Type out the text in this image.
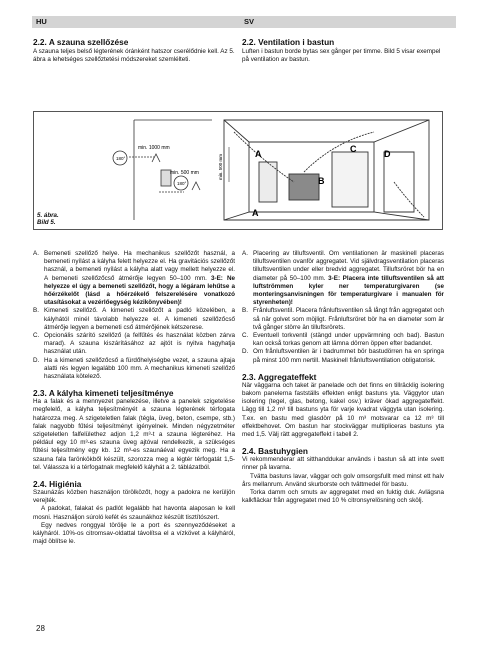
HU	SV
2.2. A szauna szellőzése

A szauna teljes belső légterének óránként hatszor cserélődnie kell. Az 5. ábra a lehetséges szellőztetési módszereket szemlélteti.

2.2. Ventilation i bastun

Luften i bastun borde bytas sex gånger per timme. Bild 5 visar exempel på ventilation av bastun.

180°
180°
min. 1000 mm
min. 500 mm	min. 500 mm	A
A
B
C	D
5. ábra.
Bild 5.
A. Bemeneti szellőző helye. Ha mechanikus szellőzőt használ, a bemeneti nyílást a kályha felett helyezze el. Ha gravitációs szellőzőt használ, a bemeneti nyílást a kályha alatt vagy mellett helyezze el. A bemeneti szellőzőcső átmérője legyen 50–100 mm. 3-E: Ne helyezze el úgy a bemeneti szellőzőt, hogy a légáram lehűtse a hőérzékelőt (lásd a hőérzékelő felszerelésére vonatkozó utasításokat a vezérlőegység kézikönyvében)!
B. Kimeneti szellőző. A kimeneti szellőzőt a padló közelében, a kályhától minél távolabb helyezze el. A kimeneti szellőzőcső átmérője legyen a bemeneti cső átmérőjének kétszerese.
C. Opcionális szárító szellőző (a felfűtés és használat közben zárva marad). A szauna kiszárításához az ajtót is nyitva hagyhatja használat után.
D. Ha a kimeneti szellőzőcső a fürdőhelyiségbe vezet, a szauna ajtaja alatti rés legyen legalább 100 mm. A mechanikus kimeneti szellőző használata kötelező.
2.3. A kályha kimeneti teljesítménye

Ha a falak és a mennyezet panelezése, illetve a panelek szigetelése megfelelő, a kályha teljesítményét a szauna légterének térfogata határozza meg. A szigeteletlen falak (tégla, üveg, beton, csempe, stb.) falak nagyobb fűtési teljesítményt igényelnek. Minden négyzetméter szigeteletlen falfelülethez adjon 1,2 m³-t a szauna légteréhez. Ha például egy 10 m³-es szauna üveg ajtóval rendelkezik, a szükséges fűtési teljesítmény egy kb. 12 m³-es szaunáéval egyezik meg. Ha a szauna fala farönkökből készült, szorozza meg a légtér térfogatát 1,5-tel. Válassza ki a térfogatnak megfelelő kályhát a 2. táblázatból.

2.4. Higiénia

Szaunázás közben használjon törölközőt, hogy a padokra ne kerüljön verejték.

A padokat, falakat és padlót legalább hat havonta alaposan le kell mosni. Használjon súroló kefét és szaunákhoz készült tisztítószert.

Egy nedves ronggyal törölje le a port és szennyeződéseket a kályháról. 10%-os citromsav-oldattal távolítsa el a vízkövet a kályháról, majd öblítse le.

A. Placering av tilluftsventil. Om ventilationen är maskinell placeras tilluftsventilen ovanför aggregatet. Vid självdragsventilation placeras tilluftsventilen under eller bredvid aggregatet. Tilluftsröret bör ha en diameter på 50–100 mm. 3-E: Placera inte tilluftsventilen så att luftströmmen kyler ner temperaturgivaren (se monteringsanvisningen för temperaturgivare i manualen för styrenheten)!
B. Frånluftsventil. Placera frånluftsventilen så långt från aggregatet och så när golvet som möjligt. Frånluftsröret bör ha en diameter som är två gånger större än tilluftsrörets.
C. Eventuell torkventil (stängd under uppvärmning och bad). Bastun kan också torkas genom att lämna dörren öppen efter badandet.
D. Om frånluftsventilen är i badrummet bör bastudörren ha en springa på minst 100 mm nertill. Maskinell frånluftsventilation obligatorisk.
2.3. Aggregateffekt

När väggarna och taket är panelade och det finns en tillräcklig isolering bakom panelerna fastställs effekten enligt bastuns yta. Väggytor utan isolering (tegel, glas, betong, kakel osv.) kräver ökad aggregateffekt. Lägg till 1,2 m³ till bastuns yta för varje kvadrat väggyta utan isolering. T.ex. en bastu med glasdörr på 10 m³ motsvarar ca 12 m³ till effektbehovet. Om bastun har stockväggar multipliceras bastuns yta med 1,5. Välj rätt aggregateffekt i tabell 2.

2.4. Bastuhygien

Vi rekommenderar att sitthanddukar används i bastun så att inte svett rinner på lavarna.

Tvätta bastuns lavar, väggar och golv omsorgsfullt med minst ett halv års mellanrum. Använd skurborste och tvättmedel för bastu.

Torka damm och smuts av aggregatet med en fuktig duk. Avlägsna kalkfläckar från aggregatet med 10 % citronsyrelösning och skölj.

28
